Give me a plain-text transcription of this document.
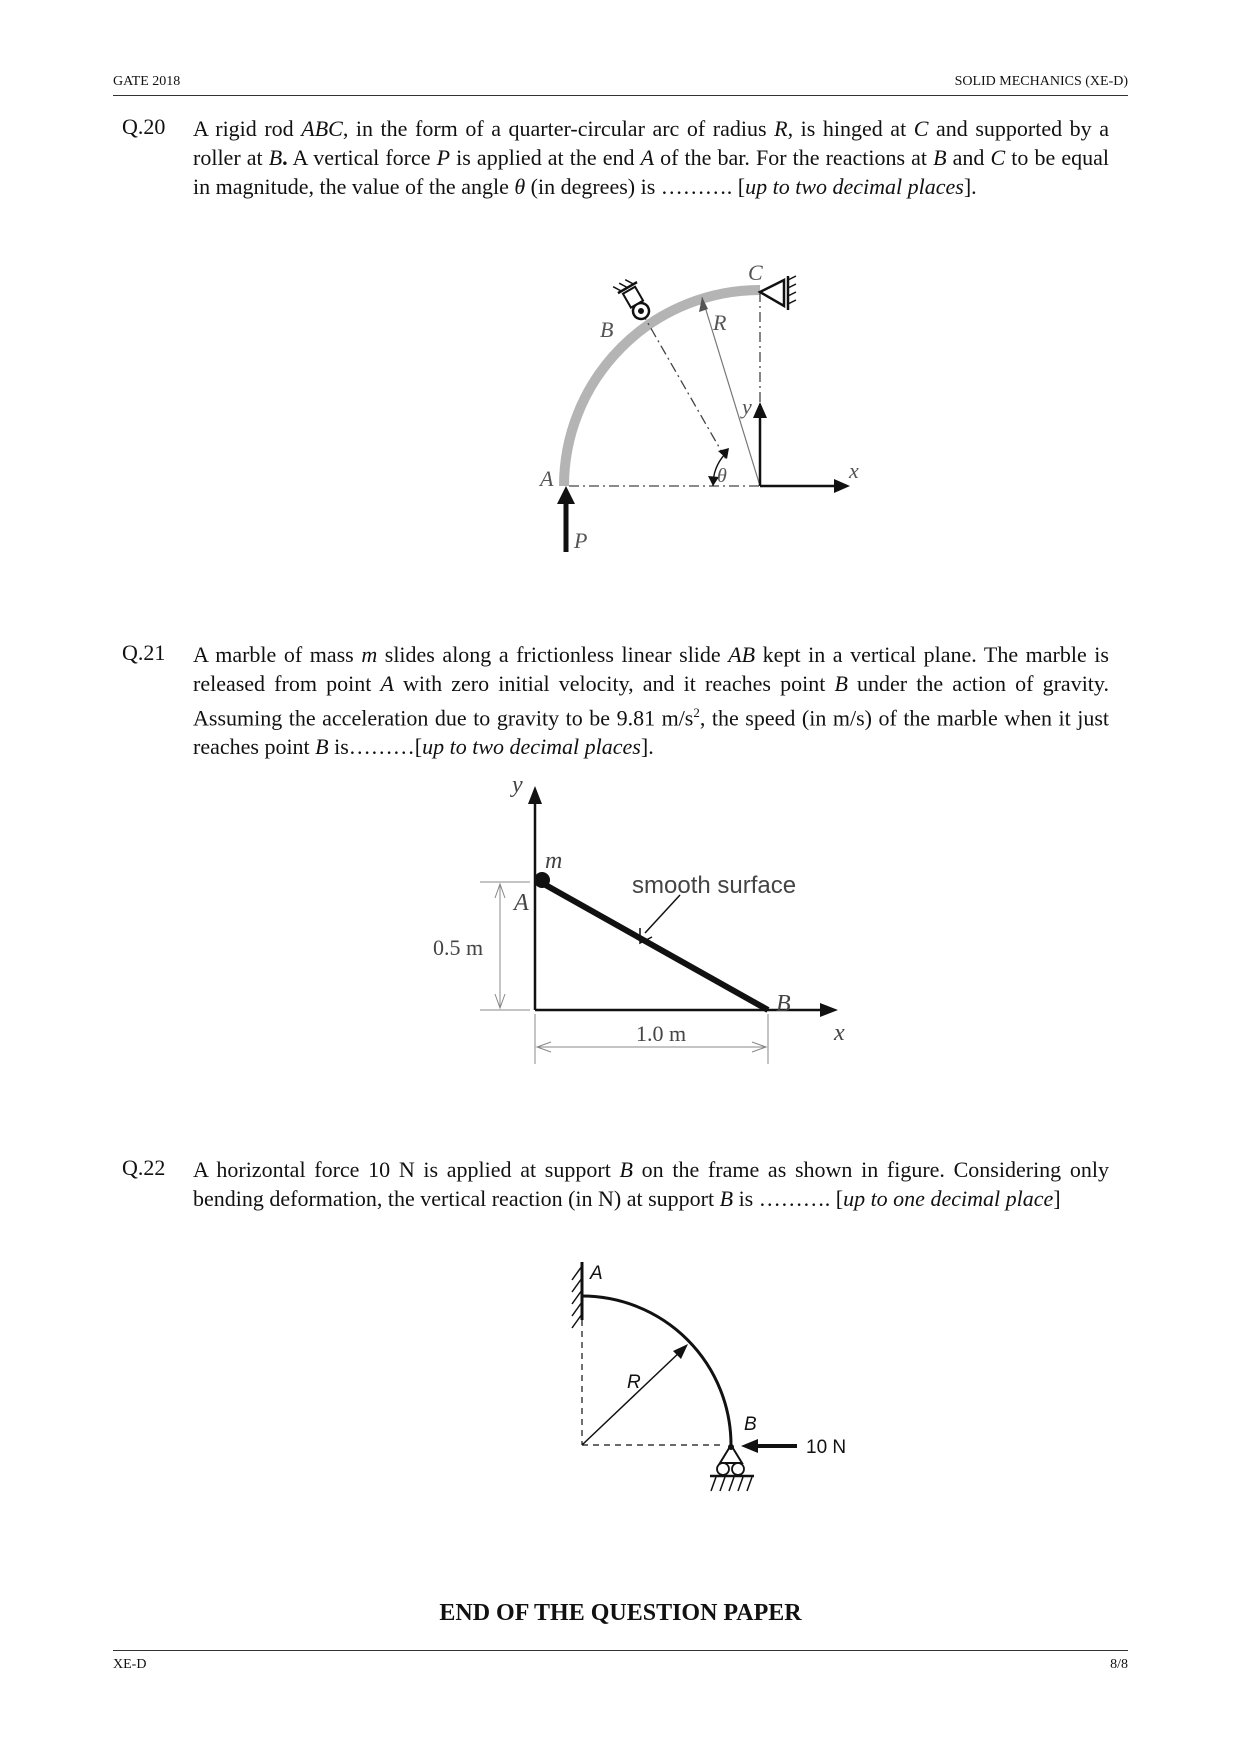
GATE 2018	SOLID MECHANICS (XE-D)
Q.20 A rigid rod ABC, in the form of a quarter-circular arc of radius R, is hinged at C and supported by a roller at B. A vertical force P is applied at the end A of the bar. For the reactions at B and C to be equal in magnitude, the value of the angle θ (in degrees) is ………. [up to two decimal places].
A
B
C
R
P
x
y
θ
Q.21 A marble of mass m slides along a frictionless linear slide AB kept in a vertical plane. The marble is released from point A with zero initial velocity, and it reaches point B under the action of gravity. Assuming the acceleration due to gravity to be 9.81 $m/s^2$, the speed (in m/s) of the marble when it just reaches point B is………[up to two decimal places].
y
m
A
B
x
smooth surface
0.5 m
1.0 m
Q.22 A horizontal force 10 N is applied at support B on the frame as shown in figure. Considering only bending deformation, the vertical reaction (in N) at support B is ………. [up to one decimal place]
A
R
B
10 N
END OF THE QUESTION PAPER
XE-D	8/8
